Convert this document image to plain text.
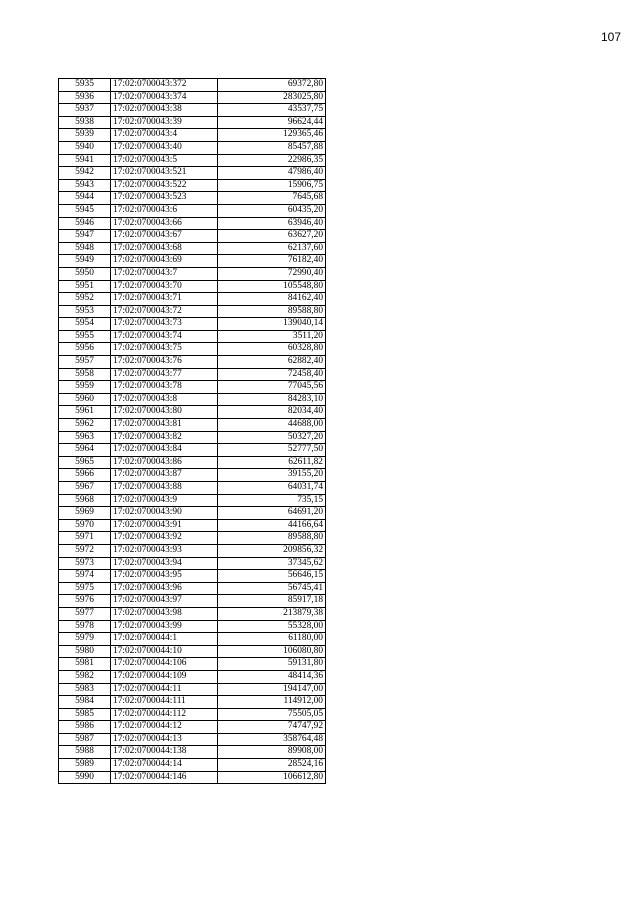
107
5935	17:02:0700043:372	69372,80
5936	17:02:0700043:374	283025,80
5937	17:02:0700043:38	43537,75
5938	17:02:0700043:39	96624,44
5939	17:02:0700043:4	129365,46
5940	17:02:0700043:40	85457,88
5941	17:02:0700043:5	22986,35
5942	17:02:0700043:521	47986,40
5943	17:02:0700043:522	15906,75
5944	17:02:0700043:523	7645,68
5945	17:02:0700043:6	60435,20
5946	17:02:0700043:66	63946,40
5947	17:02:0700043:67	63627,20
5948	17:02:0700043:68	62137,60
5949	17:02:0700043:69	76182,40
5950	17:02:0700043:7	72990,40
5951	17:02:0700043:70	105548,80
5952	17:02:0700043:71	84162,40
5953	17:02:0700043:72	89588,80
5954	17:02:0700043:73	139040,14
5955	17:02:0700043:74	3511,20
5956	17:02:0700043:75	60328,80
5957	17:02:0700043:76	62882,40
5958	17:02:0700043:77	72458,40
5959	17:02:0700043:78	77045,56
5960	17:02:0700043:8	84283,10
5961	17:02:0700043:80	82034,40
5962	17:02:0700043:81	44688,00
5963	17:02:0700043:82	50327,20
5964	17:02:0700043:84	52777,50
5965	17:02:0700043:86	62611,82
5966	17:02:0700043:87	39155,20
5967	17:02:0700043:88	64031,74
5968	17:02:0700043:9	735,15
5969	17:02:0700043:90	64691,20
5970	17:02:0700043:91	44166,64
5971	17:02:0700043:92	89588,80
5972	17:02:0700043:93	209856,32
5973	17:02:0700043:94	37345,62
5974	17:02:0700043:95	56646,15
5975	17:02:0700043:96	56745,41
5976	17:02:0700043:97	85917,18
5977	17:02:0700043:98	213879,38
5978	17:02:0700043:99	55328,00
5979	17:02:0700044:1	61180,00
5980	17:02:0700044:10	106080,80
5981	17:02:0700044:106	59131,80
5982	17:02:0700044:109	48414,36
5983	17:02:0700044:11	194147,00
5984	17:02:0700044:111	114912,00
5985	17:02:0700044:112	75505,05
5986	17:02:0700044:12	74747,92
5987	17:02:0700044:13	358764,48
5988	17:02:0700044:138	89908,00
5989	17:02:0700044:14	28524,16
5990	17:02:0700044:146	106612,80
